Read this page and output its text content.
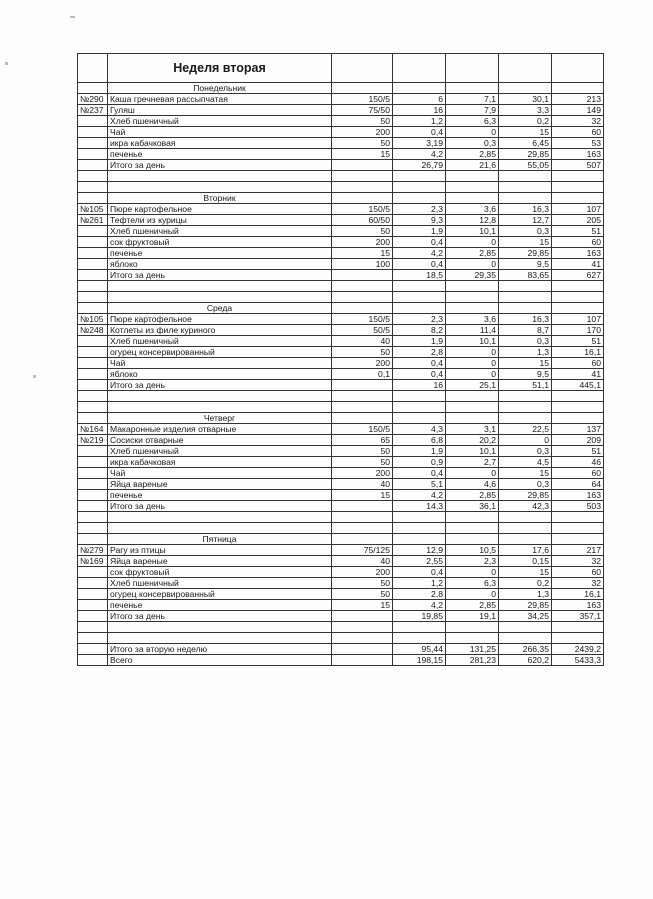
	Неделя вторая					
	Понедельник					
№290	Каша гречневая рассыпчатая	150/5	6	7,1	30,1	213
№237	Гуляш	75/50	16	7,9	3,3	149
	Хлеб пшеничный	50	1,2	6,3	0,2	32
	Чай	200	0,4	0	15	60
	икра кабачковая	50	3,19	0,3	6,45	53
	печенье	15	4,2	2,85	29,85	163
	Итого за день		26,79	21,6	55,05	507

	Вторник					
№105	Пюре картофельное	150/5	2,3	3,6	16,3	107
№261	Тефтели из курицы	60/50	9,3	12,8	12,7	205
	Хлеб пшеничный	50	1,9	10,1	0,3	51
	сок фруктовый	200	0,4	0	15	60
	печенье	15	4,2	2,85	29,85	163
	яблоко	100	0,4	0	9,5	41
	Итого за день		18,5	29,35	83,65	627

	Среда					
№105	Пюре картофельное	150/5	2,3	3,6	16,3	107
№248	Котлеты из филе куриного	50/5	8,2	11,4	8,7	170
	Хлеб пшеничный	40	1,9	10,1	0,3	51
	огурец консервированный	50	2,8	0	1,3	16,1
	Чай	200	0,4	0	15	60
	яблоко	0,1	0,4	0	9,5	41
	Итого за день		16	25,1	51,1	445,1

	Четверг					
№164	Макаронные изделия отварные	150/5	4,3	3,1	22,5	137
№219	Сосиски отварные	65	6,8	20,2	0	209
	Хлеб пшеничный	50	1,9	10,1	0,3	51
	икра кабачковая	50	0,9	2,7	4,5	46
	Чай	200	0,4	0	15	60
	Яйца вареные	40	5,1	4,6	0,3	64
	печенье	15	4,2	2,85	29,85	163
	Итого за день		14,3	36,1	42,3	503

	Пятница					
№279	Рагу из птицы	75/125	12,9	10,5	17,6	217
№169	Яйца вареные	40	2,55	2,3	0,15	32
	сок фруктовый	200	0,4	0	15	60
	Хлеб пшеничный	50	1,2	6,3	0,2	32
	огурец консервированный	50	2,8	0	1,3	16,1
	печенье	15	4,2	2,85	29,85	163
	Итого за день		19,85	19,1	34,25	357,1

	Итого за вторую неделю		95,44	131,25	266,35	2439,2
	Всего		198,15	281,23	620,2	5433,3
